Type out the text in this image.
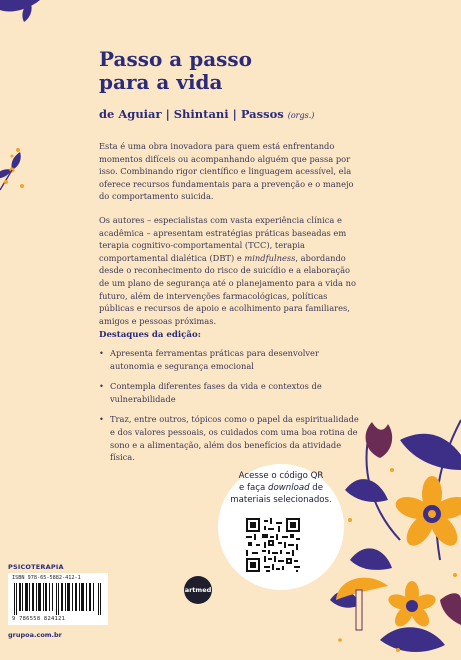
Passo a passo
para a vida
de Aguiar | Shintani | Passos (orgs.)

Esta é uma obra inovadora para quem está enfrentando momentos difíceis ou acompanhando alguém que passa por isso. Combinando rigor científico e linguagem acessível, ela oferece recursos fundamentais para a prevenção e o manejo do comportamento suicida.

Os autores – especialistas com vasta experiência clínica e acadêmica – apresentam estratégias práticas baseadas em terapia cognitivo-comportamental (TCC), terapia comportamental dialética (DBT) e mindfulness, abordando desde o reconhecimento do risco de suicídio e a elaboração de um plano de segurança até o planejamento para a vida no futuro, além de intervenções farmacológicas, políticas públicas e recursos de apoio e acolhimento para familiares, amigos e pessoas próximas.

Destaques da edição:
• Apresenta ferramentas práticas para desenvolver autonomia e segurança emocional
• Contempla diferentes fases da vida e contextos de vulnerabilidade
• Traz, entre outros, tópicos como o papel da espiritualidade e dos valores pessoais, os cuidados com uma boa rotina de sono e a alimentação, além dos benefícios da atividade física.
Acesse o código QR
e faça download de
materiais selecionados.
PSICOTERAPIA
ISBN 978-65-5882-412-1
9 786558 824121
artmed
grupoa.com.br
